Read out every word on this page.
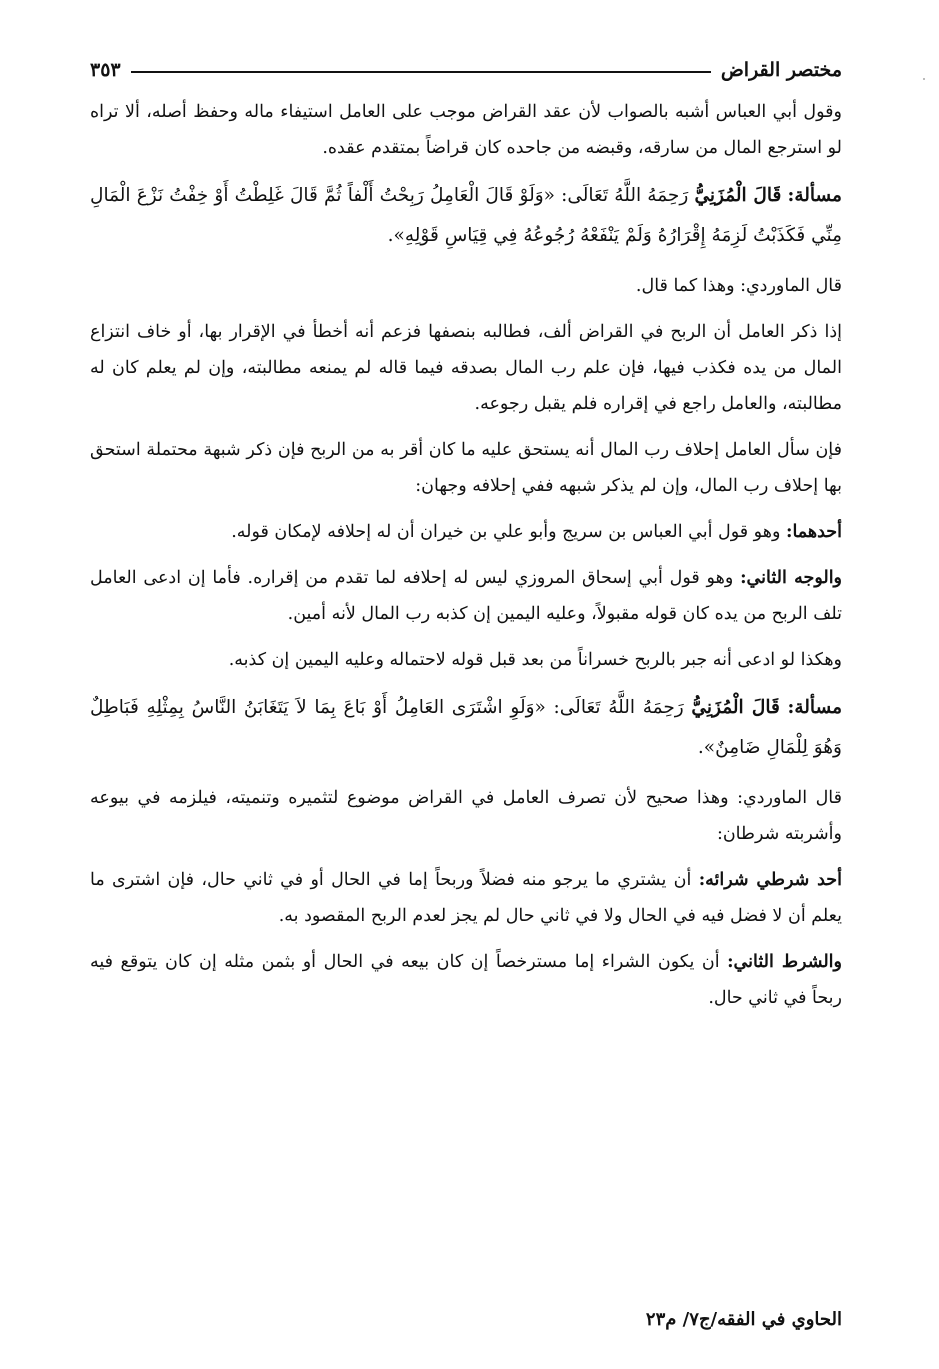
مختصر القراض
٣٥٣

وقول أبي العباس أشبه بالصواب لأن عقد القراض موجب على العامل استيفاء ماله وحفظ أصله، ألا تراه لو استرجع المال من سارقه، وقبضه من جاحده كان قراضاً بمتقدم عقده.

مسألة: قَالَ الْمُزَنِيُّ رَحِمَهُ اللَّهُ تَعَالَى: «وَلَوْ قَالَ الْعَامِلُ رَبِحْتُ أَلْفاً ثُمَّ قَالَ غَلِطْتُ أَوْ خِفْتُ نَزْعَ الْمَالِ مِنِّي فَكَذَبْتُ لَزِمَهُ إِقْرَارُهُ وَلَمْ يَنْفَعْهُ رُجُوعُهُ فِي قِيَاسِ قَوْلِهِ».

قال الماوردي: وهذا كما قال.

إذا ذكر العامل أن الربح في القراض ألف، فطالبه بنصفها فزعم أنه أخطأ في الإقرار بها، أو خاف انتزاع المال من يده فكذب فيها، فإن علم رب المال بصدقه فيما قاله لم يمنعه مطالبته، وإن لم يعلم كان له مطالبته، والعامل راجع في إقراره فلم يقبل رجوعه.

فإن سأل العامل إحلاف رب المال أنه يستحق عليه ما كان أقر به من الربح فإن ذكر شبهة محتملة استحق بها إحلاف رب المال، وإن لم يذكر شبهه ففي إحلافه وجهان:

أحدهما: وهو قول أبي العباس بن سريج وأبو علي بن خيران أن له إحلافه لإمكان قوله.

والوجه الثاني: وهو قول أبي إسحاق المروزي ليس له إحلافه لما تقدم من إقراره. فأما إن ادعى العامل تلف الربح من يده كان قوله مقبولاً، وعليه اليمين إن كذبه رب المال لأنه أمين.

وهكذا لو ادعى أنه جبر بالربح خسراناً من بعد قبل قوله لاحتماله وعليه اليمين إن كذبه.

مسألة: قَالَ الْمُزَنِيُّ رَحِمَهُ اللَّهُ تَعَالَى: «وَلَوِ اشْتَرَى العَامِلُ أَوْ بَاعَ بِمَا لاَ يَتَغَابَنُ النَّاسُ بِمِثْلِهِ فَبَاطِلٌ وَهُوَ لِلْمَالِ ضَامِنٌ».

قال الماوردي: وهذا صحيح لأن تصرف العامل في القراض موضوع لتثميره وتنميته، فيلزمه في بيوعه وأشربته شرطان:

أحد شرطي شرائه: أن يشتري ما يرجو منه فضلاً وربحاً إما في الحال أو في ثاني حال، فإن اشترى ما يعلم أن لا فضل فيه في الحال ولا في ثاني حال لم يجز لعدم الربح المقصود به.

والشرط الثاني: أن يكون الشراء إما مسترخصاً إن كان بيعه في الحال أو بثمن مثله إن كان يتوقع فيه ربحاً في ثاني حال.

الحاوي في الفقه/ج٧/ م٢٣
